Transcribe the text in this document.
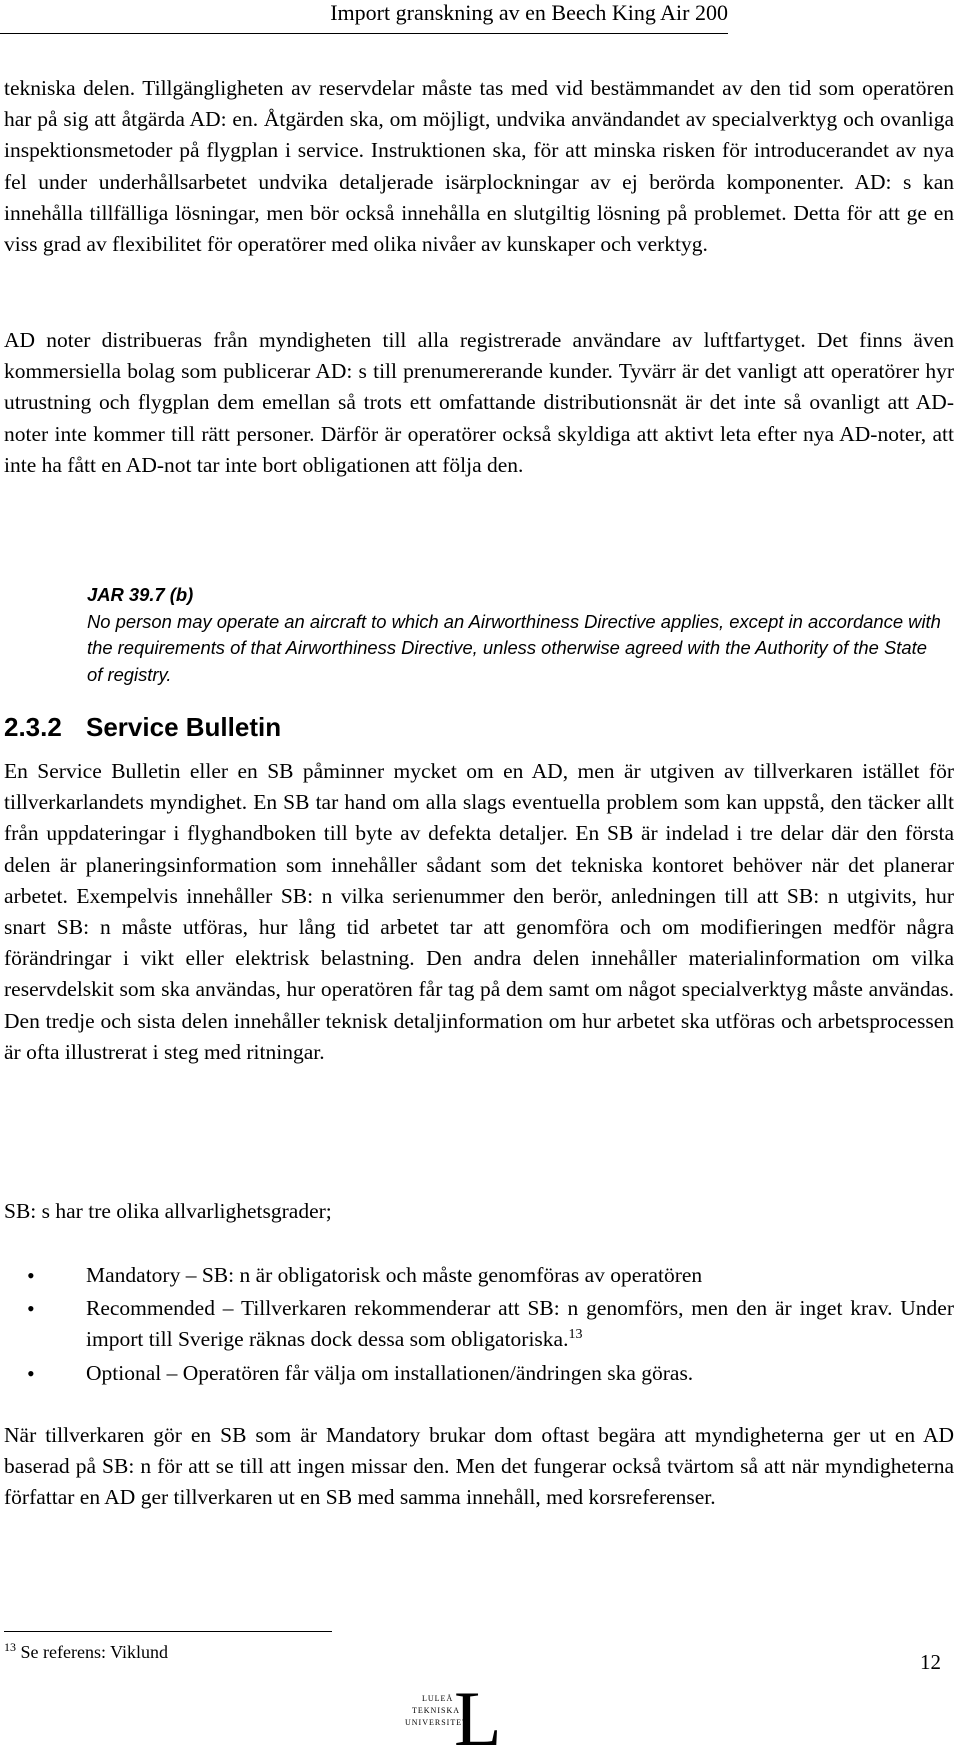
Import granskning av en Beech King Air 200

tekniska delen. Tillgängligheten av reservdelar måste tas med vid bestämmandet av den tid som operatören har på sig att åtgärda AD: en. Åtgärden ska, om möjligt, undvika användandet av specialverktyg och ovanliga inspektionsmetoder på flygplan i service. Instruktionen ska, för att minska risken för introducerandet av nya fel under underhållsarbetet undvika detaljerade isärplockningar av ej berörda komponenter. AD: s kan innehålla tillfälliga lösningar, men bör också innehålla en slutgiltig lösning på problemet. Detta för att ge en viss grad av flexibilitet för operatörer med olika nivåer av kunskaper och verktyg.

AD noter distribueras från myndigheten till alla registrerade användare av luftfartyget. Det finns även kommersiella bolag som publicerar AD: s till prenumererande kunder. Tyvärr är det vanligt att operatörer hyr utrustning och flygplan dem emellan så trots ett omfattande distributionsnät är det inte så ovanligt att AD-noter inte kommer till rätt personer. Därför är operatörer också skyldiga att aktivt leta efter nya AD-noter, att inte ha fått en AD-not tar inte bort obligationen att följa den.

JAR 39.7 (b)
No person may operate an aircraft to which an Airworthiness Directive applies, except in accordance with the requirements of that Airworthiness Directive, unless otherwise agreed with the Authority of the State of registry.
2.3.2 Service Bulletin

En Service Bulletin eller en SB påminner mycket om en AD, men är utgiven av tillverkaren istället för tillverkarlandets myndighet. En SB tar hand om alla slags eventuella problem som kan uppstå, den täcker allt från uppdateringar i flyghandboken till byte av defekta detaljer. En SB är indelad i tre delar där den första delen är planeringsinformation som innehåller sådant som det tekniska kontoret behöver när det planerar arbetet. Exempelvis innehåller SB: n vilka serienummer den berör, anledningen till att SB: n utgivits, hur snart SB: n måste utföras, hur lång tid arbetet tar att genomföra och om modifieringen medför några förändringar i vikt eller elektrisk belastning. Den andra delen innehåller materialinformation om vilka reservdelskit som ska användas, hur operatören får tag på dem samt om något specialverktyg måste användas. Den tredje och sista delen innehåller teknisk detaljinformation om hur arbetet ska utföras och arbetsprocessen är ofta illustrerat i steg med ritningar.

SB: s har tre olika allvarlighetsgrader;

• Mandatory – SB: n är obligatorisk och måste genomföras av operatören
• Recommended – Tillverkaren rekommenderar att SB: n genomförs, men den är inget krav. Under import till Sverige räknas dock dessa som obligatoriska.$^{13}$
• Optional – Operatören får välja om installationen/ändringen ska göras.

När tillverkaren gör en SB som är Mandatory brukar dom oftast begära att myndigheterna ger ut en AD baserad på SB: n för att se till att ingen missar den. Men det fungerar också tvärtom så att när myndigheterna författar en AD ger tillverkaren ut en SB med samma innehåll, med korsreferenser.

$^{13}$ Se referens: Viklund	12
LULEÅ
TEKNISKA
UNIVERSITET
L
